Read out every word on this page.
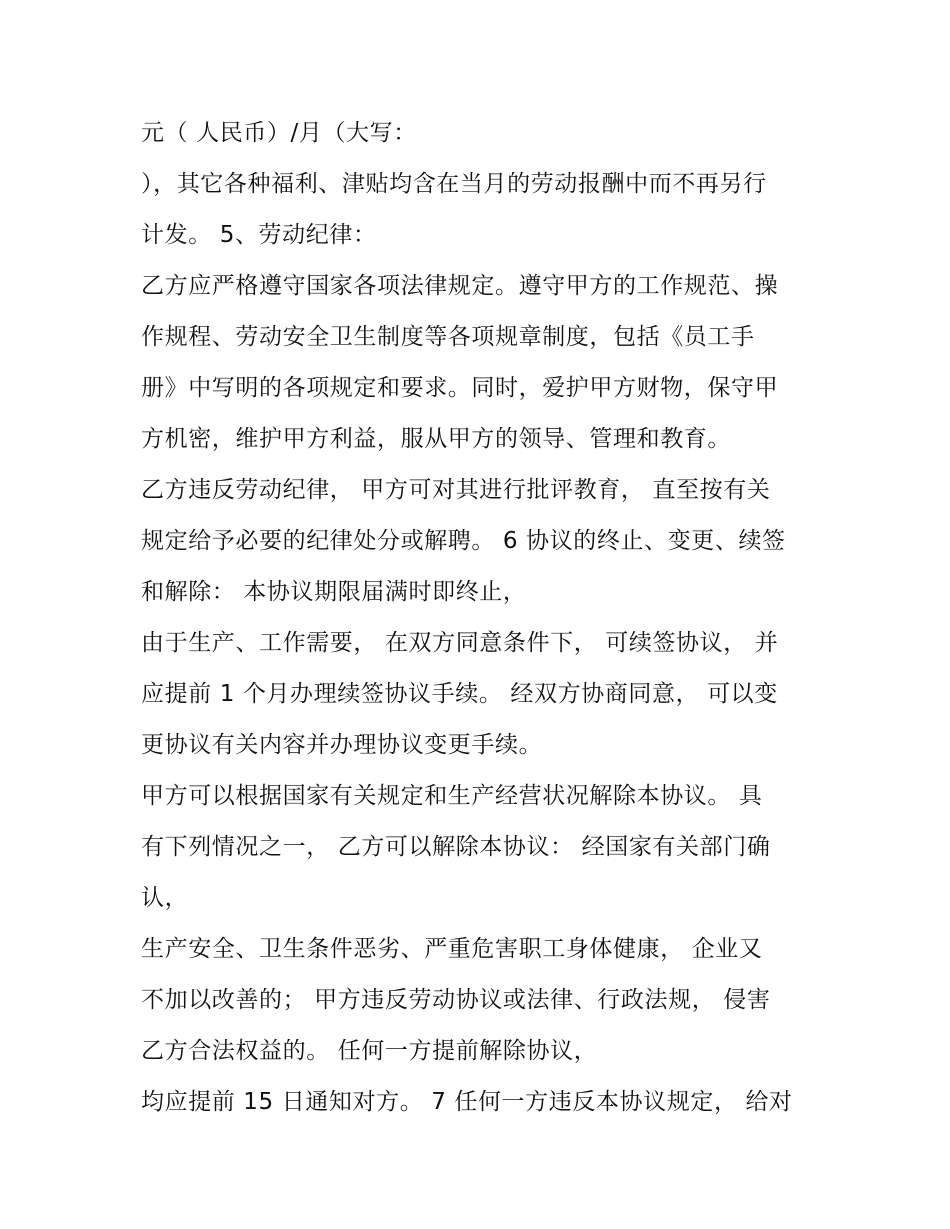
元（ 人民币）/月（大写：
），其它各种福利、津贴均含在当月的劳动报酬中而不再另行
计发。 5、劳动纪律：
乙方应严格遵守国家各项法律规定。遵守甲方的工作规范、操
作规程、劳动安全卫生制度等各项规章制度，包括《员工手
册》中写明的各项规定和要求。同时，爱护甲方财物，保守甲
方机密，维护甲方利益，服从甲方的领导、管理和教育。
乙方违反劳动纪律， 甲方可对其进行批评教育， 直至按有关
规定给予必要的纪律处分或解聘。 6 协议的终止、变更、续签
和解除： 本协议期限届满时即终止，
由于生产、工作需要， 在双方同意条件下， 可续签协议， 并
应提前 1 个月办理续签协议手续。 经双方协商同意， 可以变
更协议有关内容并办理协议变更手续。
甲方可以根据国家有关规定和生产经营状况解除本协议。 具
有下列情况之一， 乙方可以解除本协议： 经国家有关部门确
认，
生产安全、卫生条件恶劣、严重危害职工身体健康， 企业又
不加以改善的； 甲方违反劳动协议或法律、行政法规， 侵害
乙方合法权益的。 任何一方提前解除协议，
均应提前 15 日通知对方。 7 任何一方违反本协议规定， 给对
